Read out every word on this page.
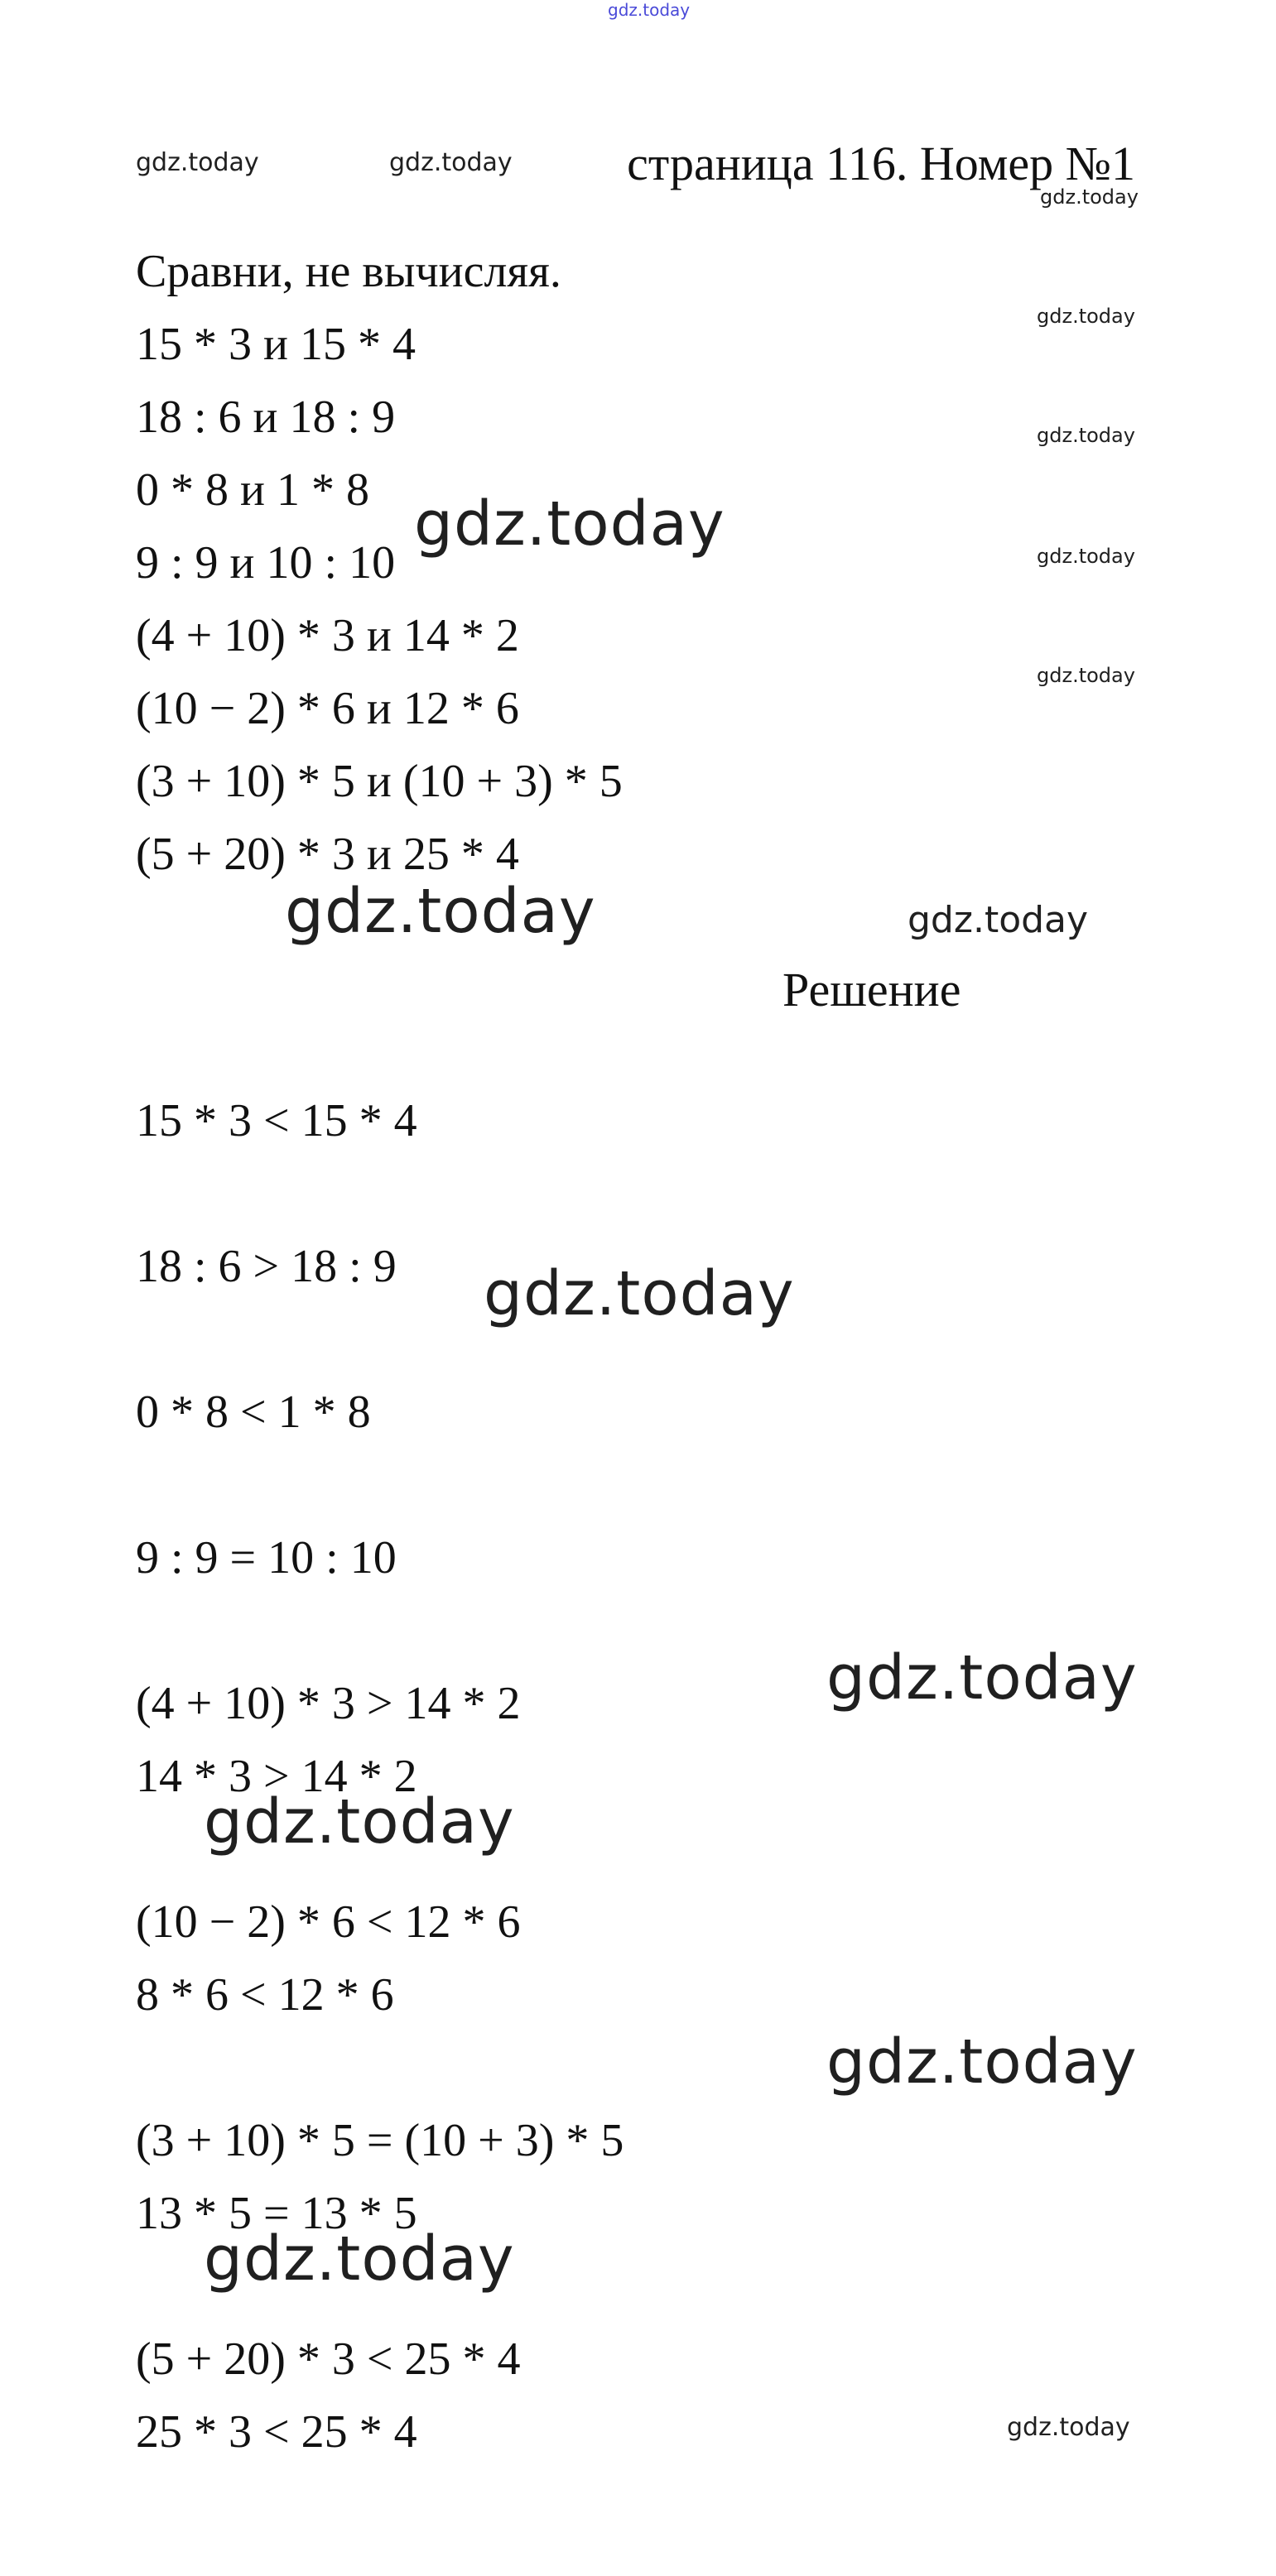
gdz.today
gdz.today	gdz.today
gdz.today
gdz.today
gdz.today
gdz.today
gdz.today
gdz.today
gdz.today	gdz.today
gdz.today
gdz.today
gdz.today
gdz.today
gdz.today
gdz.today
страница 116. Номер №1
Сравни, не вычисляя.
15 * 3 и 15 * 4
18 : 6 и 18 : 9
0 * 8 и 1 * 8
9 : 9 и 10 : 10
(4 + 10) * 3 и 14 * 2
(10 − 2) * 6 и 12 * 6
(3 + 10) * 5 и (10 + 3) * 5
(5 + 20) * 3 и 25 * 4
Решение
15 * 3 < 15 * 4
18 : 6 > 18 : 9
0 * 8 < 1 * 8
9 : 9 = 10 : 10
(4 + 10) * 3 > 14 * 2
14 * 3 > 14 * 2
(10 − 2) * 6 < 12 * 6
8 * 6 < 12 * 6
(3 + 10) * 5 = (10 + 3) * 5
13 * 5 = 13 * 5
(5 + 20) * 3 < 25 * 4
25 * 3 < 25 * 4
